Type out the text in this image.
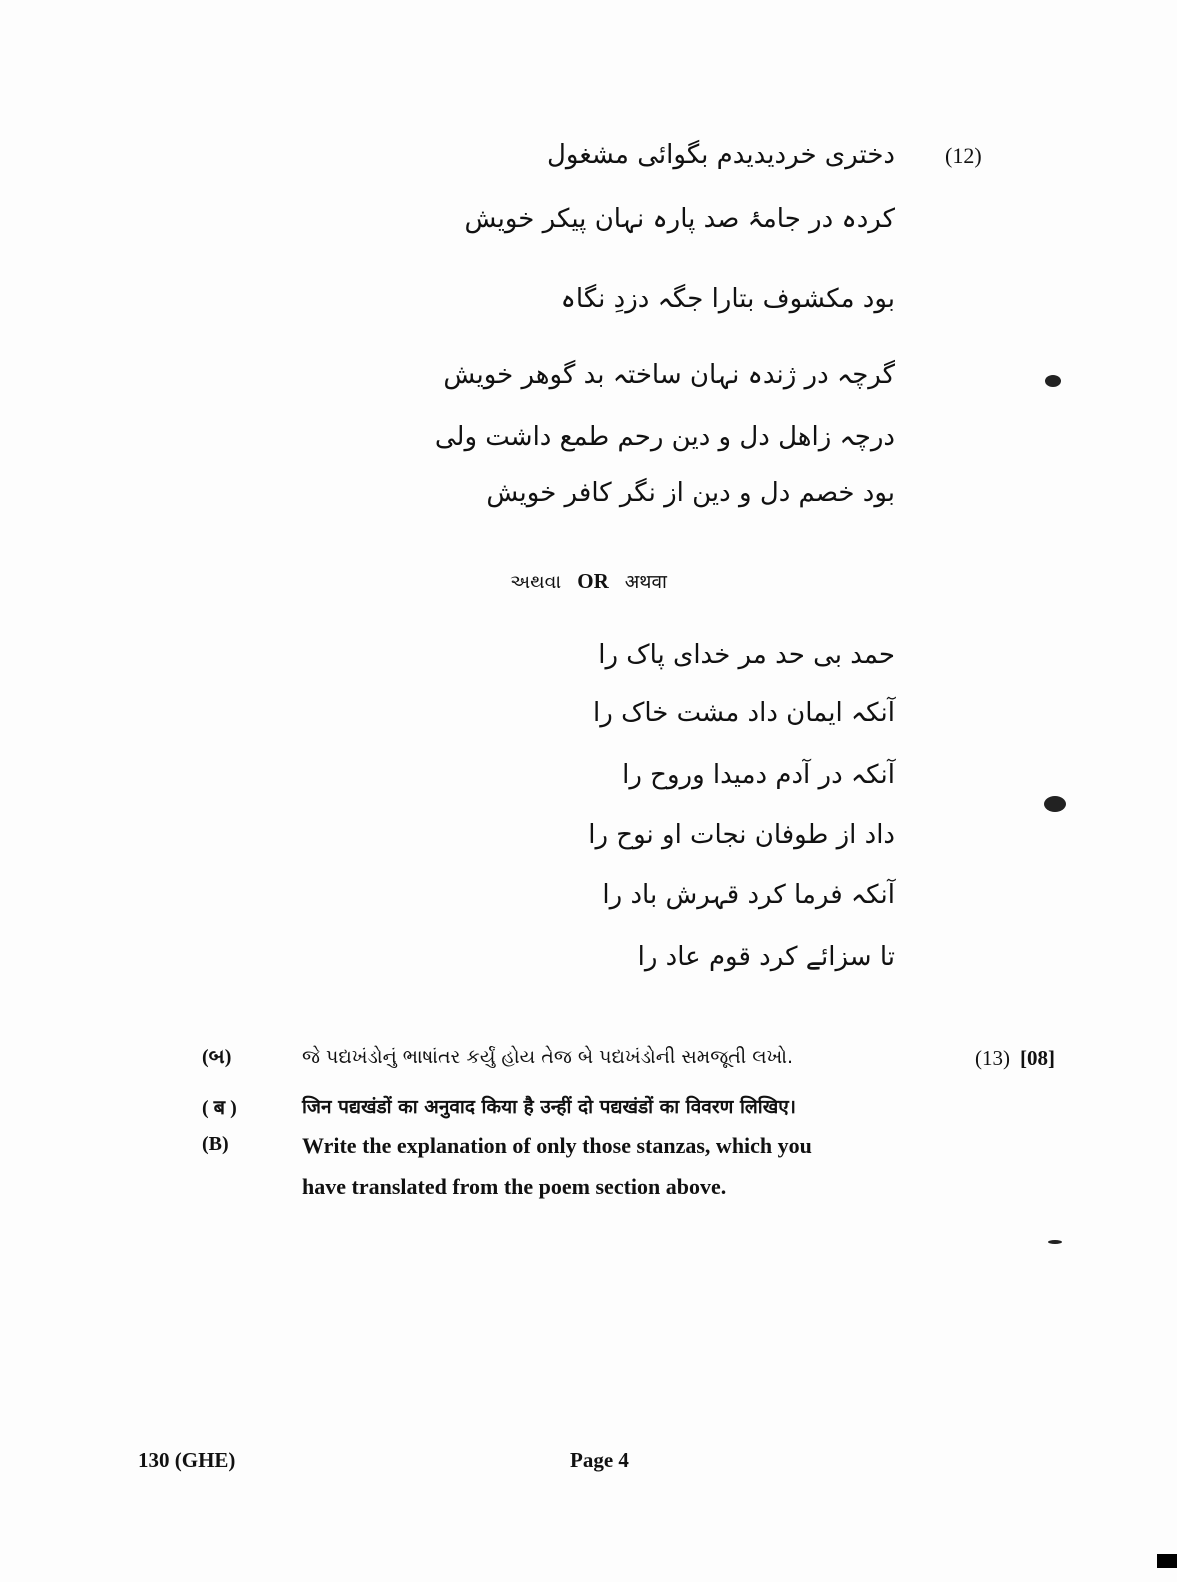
(12)
دختری خردیدیدم بگوائی مشغول
کردہ در جامۂ صد پارہ نہان پیکر خویش
بود مکشوف بتارا جگہ دزدِ نگاہ
گرچہ در ژندہ نہان ساختہ بد گوھر خویش
درچہ زاھل دل و دین رحم طمع داشت ولی
بود خصم دل و دین از نگر کافر خویش
અથવા OR अथवा
حمد بی حد مر خدای پاک را
آنکہ ایمان داد مشت خاک را
آنکہ در آدم دمیدا وروح را
داد از طوفان نجات او نوح را
آنکہ فرما کرد قہرش باد را
تا سزائے کرد قوم عاد را
(બ)	જે પદ્યખંડોનું ભાષાંતર કર્યું હોય તેજ બે પદ્યખંડોની સમજૂતી લખો.	(13) [08]
( ब )	जिन पद्यखंडों का अनुवाद किया है उन्हीं दो पद्यखंडों का विवरण लिखिए।
(B)	Write the explanation of only those stanzas, which you
have translated from the poem section above.
130 (GHE)	Page 4
